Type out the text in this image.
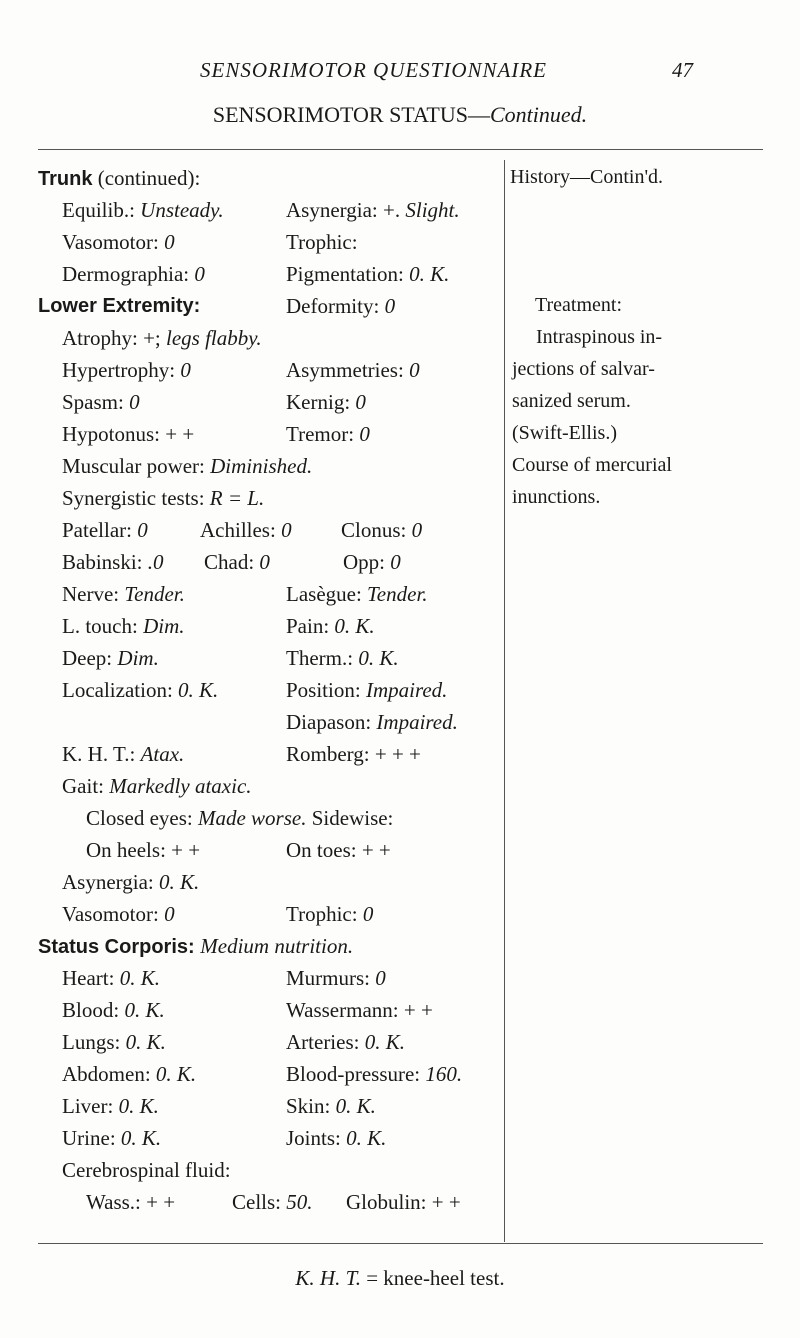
SENSORIMOTOR QUESTIONNAIRE	47
SENSORIMOTOR STATUS—Continued.
Trunk (continued):
Equilib.: Unsteady.	Asynergia: +. Slight.
Vasomotor: 0	Trophic:
Dermographia: 0	Pigmentation: 0. K.
Lower Extremity:	Deformity: 0
Atrophy: +; legs flabby.
Hypertrophy: 0	Asymmetries: 0
Spasm: 0	Kernig: 0
Hypotonus: + +	Tremor: 0
Muscular power: Diminished.
Synergistic tests: R = L.
Patellar: 0 Achilles: 0 Clonus: 0
Babinski: .0 Chad: 0	Opp: 0
Nerve: Tender.	Lasègue: Tender.
L. touch: Dim.	Pain: 0. K.
Deep: Dim.	Therm.: 0. K.
Localization: 0. K.	Position: Impaired.
Diapason: Impaired.
K. H. T.: Atax.	Romberg: + + +
Gait: Markedly ataxic.
Closed eyes: Made worse. Sidewise:
On heels: + +	On toes: + +
Asynergia: 0. K.
Vasomotor: 0	Trophic: 0
Status Corporis: Medium nutrition.
Heart: 0. K.	Murmurs: 0
Blood: 0. K.	Wassermann: + +
Lungs: 0. K.	Arteries: 0. K.
Abdomen: 0. K.	Blood-pressure: 160.
Liver: 0. K.	Skin: 0. K.
Urine: 0. K.	Joints: 0. K.
Cerebrospinal fluid:
Wass.: + +	Cells: 50. Globulin: + +
History—Contin'd.
Treatment:
Intraspinous in-
jections of salvar-
sanized serum.
(Swift-Ellis.)
Course of mercurial
inunctions.
K. H. T. = knee-heel test.
